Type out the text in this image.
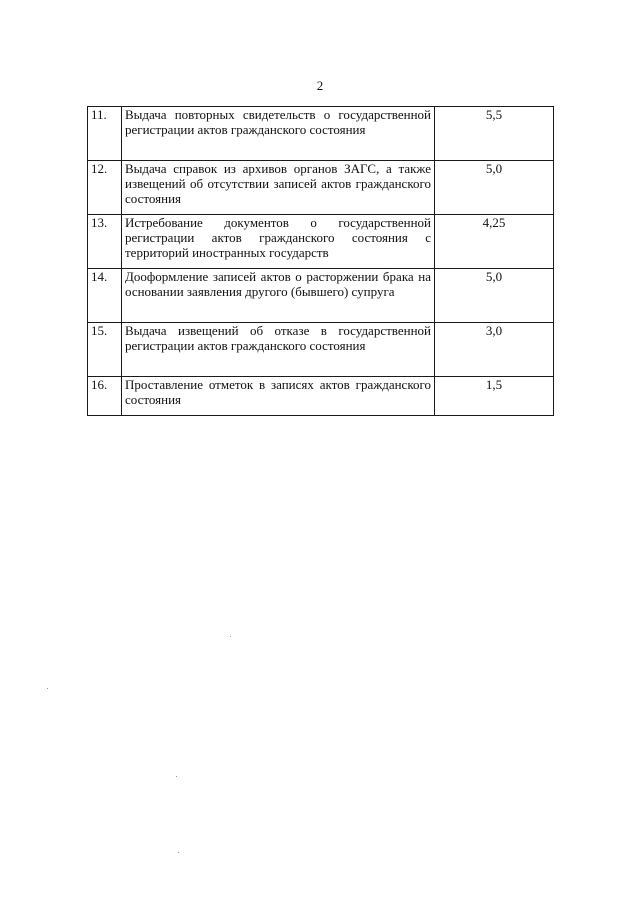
2
11.	Выдача повторных свидетельств о государственной регистрации актов гражданского состояния	5,5
12.	Выдача справок из архивов органов ЗАГС, а также извещений об отсутствии записей актов гражданского состояния	5,0
13.	Истребование документов о государственной регистрации актов гражданского состояния с территорий иностранных государств	4,25
14.	Дооформление записей актов о расторжении брака на основании заявления другого (бывшего) супруга	5,0
15.	Выдача извещений об отказе в государственной регистрации актов гражданского состояния	3,0
16.	Проставление отметок в записях актов гражданского состояния	1,5
